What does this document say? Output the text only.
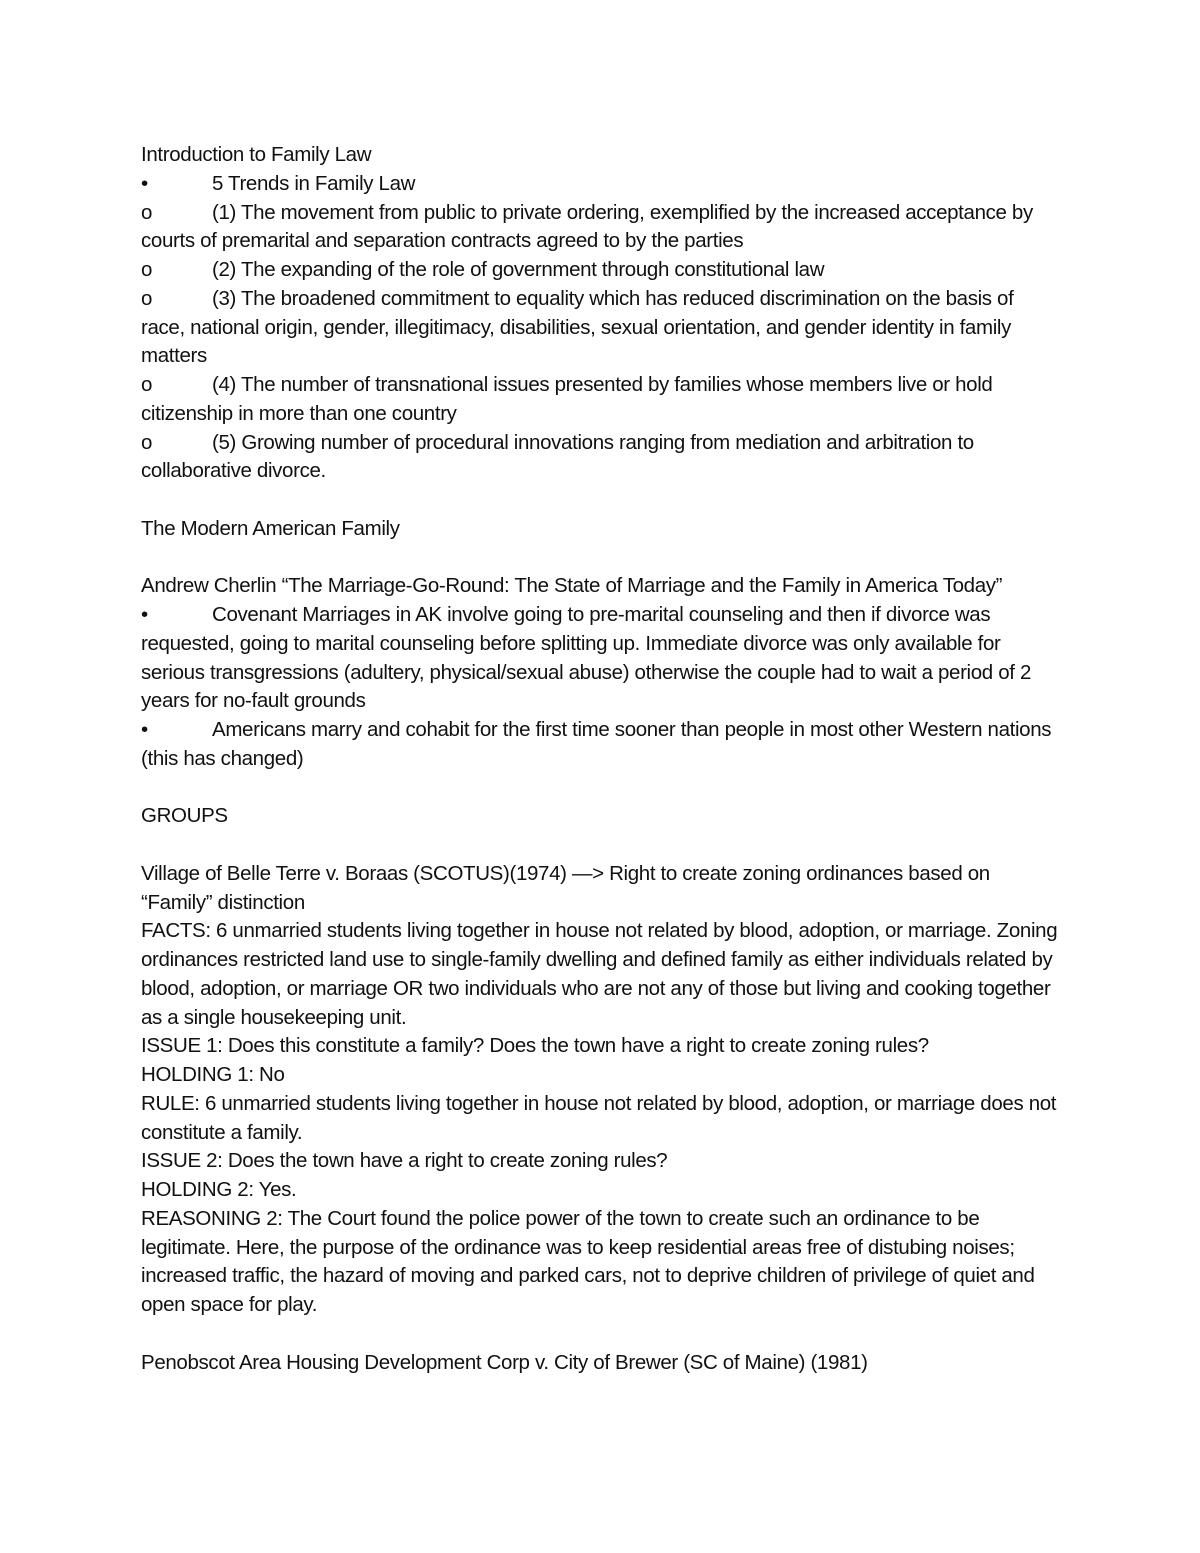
Introduction to Family Law

•	5 Trends in Family Law

o	(1) The movement from public to private ordering, exemplified by the increased acceptance by courts of premarital and separation contracts agreed to by the parties

o	(2) The expanding of the role of government through constitutional law

o	(3) The broadened commitment to equality which has reduced discrimination on the basis of race, national origin, gender, illegitimacy, disabilities, sexual orientation, and gender identity in family matters

o	(4) The number of transnational issues presented by families whose members live or hold citizenship in more than one country

o	(5) Growing number of procedural innovations ranging from mediation and arbitration to collaborative divorce.

The Modern American Family

Andrew Cherlin “The Marriage-Go-Round: The State of Marriage and the Family in America Today”

•	Covenant Marriages in AK involve going to pre-marital counseling and then if divorce was requested, going to marital counseling before splitting up. Immediate divorce was only available for serious transgressions (adultery, physical/sexual abuse) otherwise the couple had to wait a period of 2 years for no-fault grounds

•	Americans marry and cohabit for the first time sooner than people in most other Western nations (this has changed)

GROUPS

Village of Belle Terre v. Boraas (SCOTUS)(1974) —> Right to create zoning ordinances based on “Family” distinction

FACTS: 6 unmarried students living together in house not related by blood, adoption, or marriage. Zoning ordinances restricted land use to single-family dwelling and defined family as either individuals related by blood, adoption, or marriage OR two individuals who are not any of those but living and cooking together as a single housekeeping unit.

ISSUE 1: Does this constitute a family? Does the town have a right to create zoning rules?

HOLDING 1: No

RULE: 6 unmarried students living together in house not related by blood, adoption, or marriage does not constitute a family.

ISSUE 2: Does the town have a right to create zoning rules?

HOLDING 2: Yes.

REASONING 2: The Court found the police power of the town to create such an ordinance to be legitimate. Here, the purpose of the ordinance was to keep residential areas free of distubing noises; increased traffic, the hazard of moving and parked cars, not to deprive children of privilege of quiet and open space for play.

Penobscot Area Housing Development Corp v. City of Brewer (SC of Maine) (1981)
